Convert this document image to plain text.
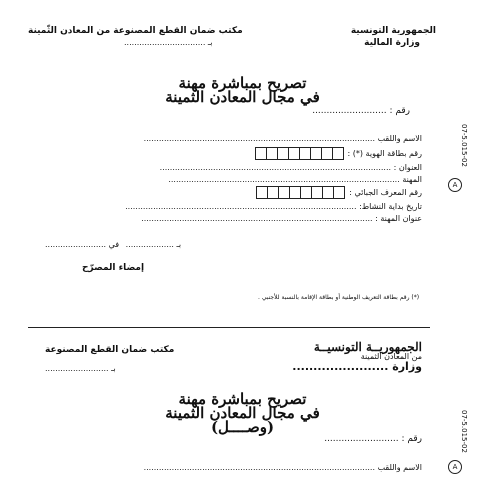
الجمهورية التونسية
وزارة المالية
مكتب ضمان القطع المصنوعة من المعادن الثّمينة
بـ ................................
تصريح بمباشرة مهنة
في مجال المعادن الثمينة
رقم : ..........................
الاسم واللقب ...........................................................................................
رقم بطاقة الهوية (*) :
العنوان : ...........................................................................................
المهنة ...........................................................................................
رقم المعرف الجبائي :
تاريخ بداية النشاط: ...........................................................................................
عنوان المهنة : ...........................................................................................
بـ ................... في ........................
إمضاء المصرّح
(*) رقم بطاقة التعريف الوطنية أو بطاقة الإقامة بالنسبة للأجنبي .
A
07-5.015-02
الجمهوريــة التونسيــة
من المعادن الثمينة
وزارة .......................
مكتب ضمان القطع المصنوعة
بـ .........................
تصريح بمباشرة مهنة
في مجال المعادن الثمينة
(وصــــل)
رقم : ..........................
الاسم واللقب ...........................................................................................	A
07-5.015-02
